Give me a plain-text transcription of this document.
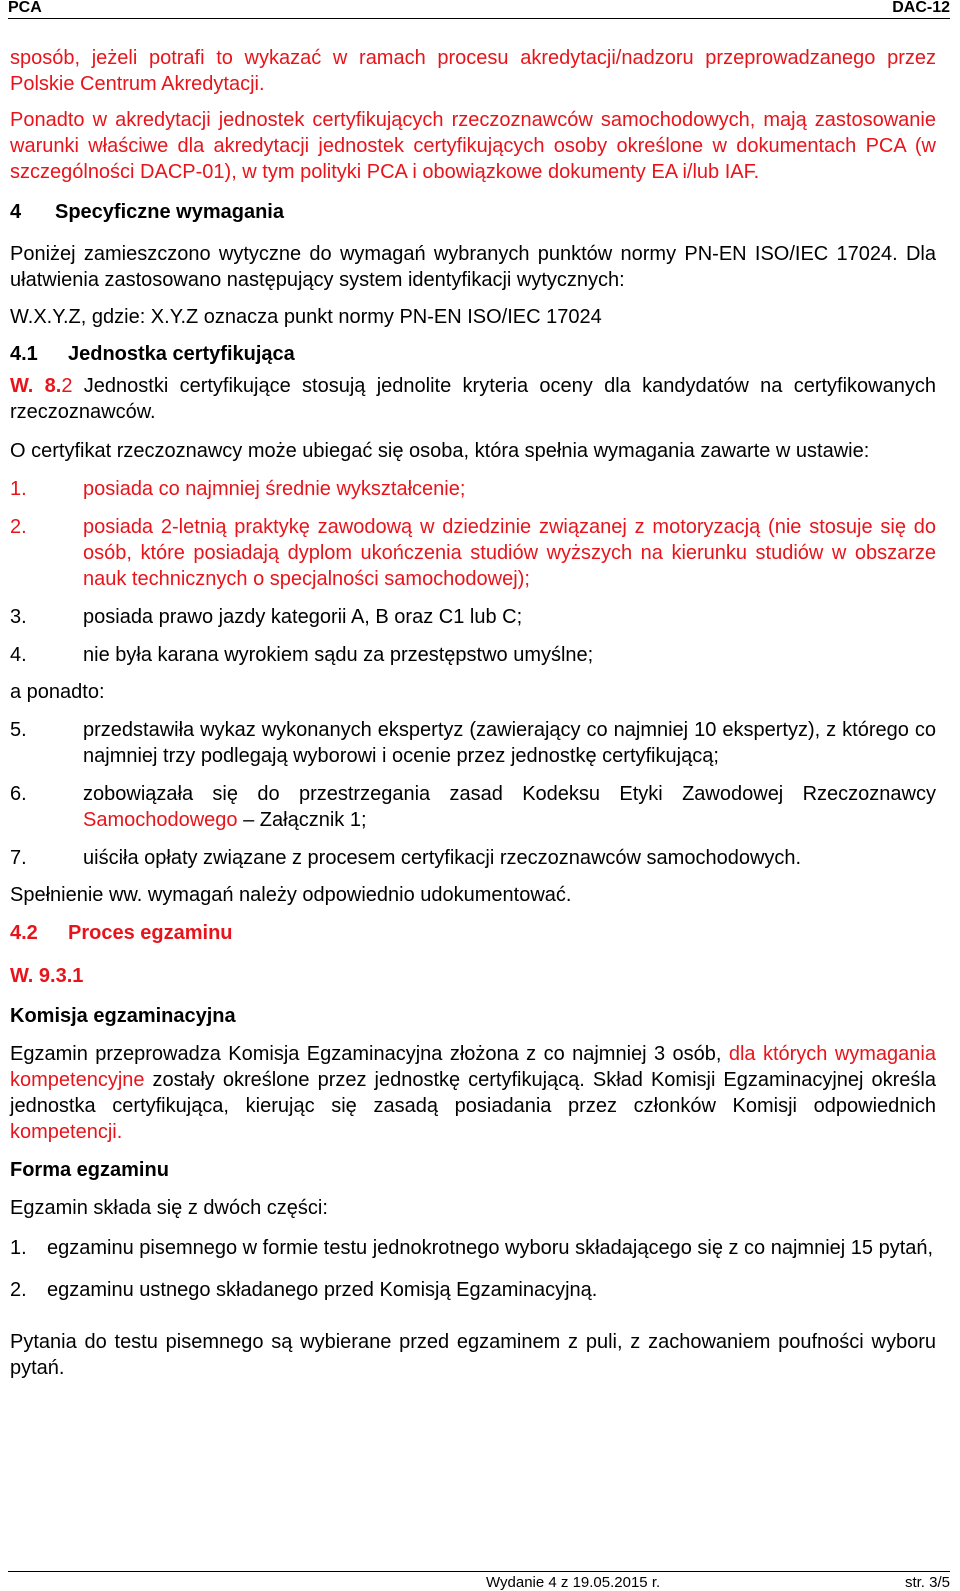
PCA	DAC-12

sposób, jeżeli potrafi to wykazać w ramach procesu akredytacji/nadzoru przeprowadzanego przez Polskie Centrum Akredytacji.

Ponadto w akredytacji jednostek certyfikujących rzeczoznawców samochodowych, mają zastosowanie warunki właściwe dla akredytacji jednostek certyfikujących osoby określone w dokumentach PCA (w szczególności DACP-01), w tym polityki PCA i obowiązkowe dokumenty EA i/lub IAF.

4 Specyficzne wymagania

Poniżej zamieszczono wytyczne do wymagań wybranych punktów normy PN-EN ISO/IEC 17024. Dla ułatwienia zastosowano następujący system identyfikacji wytycznych:

W.X.Y.Z, gdzie: X.Y.Z oznacza punkt normy PN-EN ISO/IEC 17024

4.1 Jednostka certyfikująca

W. 8.2 Jednostki certyfikujące stosują jednolite kryteria oceny dla kandydatów na certyfikowanych rzeczoznawców.

O certyfikat rzeczoznawcy może ubiegać się osoba, która spełnia wymagania zawarte w ustawie:

1.	posiada co najmniej średnie wykształcenie;
2.	posiada 2-letnią praktykę zawodową w dziedzinie związanej z motoryzacją (nie stosuje się do osób, które posiadają dyplom ukończenia studiów wyższych na kierunku studiów w obszarze nauk technicznych o specjalności samochodowej);
3.	posiada prawo jazdy kategorii A, B oraz C1 lub C;
4.	nie była karana wyrokiem sądu za przestępstwo umyślne;

a ponadto:

5.	przedstawiła wykaz wykonanych ekspertyz (zawierający co najmniej 10 ekspertyz), z którego co najmniej trzy podlegają wyborowi i ocenie przez jednostkę certyfikującą;
6.	zobowiązała się do przestrzegania zasad Kodeksu Etyki Zawodowej Rzeczoznawcy Samochodowego – Załącznik 1;
7.	uiściła opłaty związane z procesem certyfikacji rzeczoznawców samochodowych.

Spełnienie ww. wymagań należy odpowiednio udokumentować.

4.2 Proces egzaminu

W. 9.3.1

Komisja egzaminacyjna

Egzamin przeprowadza Komisja Egzaminacyjna złożona z co najmniej 3 osób, dla których wymagania kompetencyjne zostały określone przez jednostkę certyfikującą. Skład Komisji Egzaminacyjnej określa jednostka certyfikująca, kierując się zasadą posiadania przez członków Komisji odpowiednich kompetencji.

Forma egzaminu

Egzamin składa się z dwóch części:

1. egzaminu pisemnego w formie testu jednokrotnego wyboru składającego się z co najmniej 15 pytań,
2. egzaminu ustnego składanego przed Komisją Egzaminacyjną.

Pytania do testu pisemnego są wybierane przed egzaminem z puli, z zachowaniem poufności wyboru pytań.

Wydanie 4 z 19.05.2015 r.	str. 3/5
